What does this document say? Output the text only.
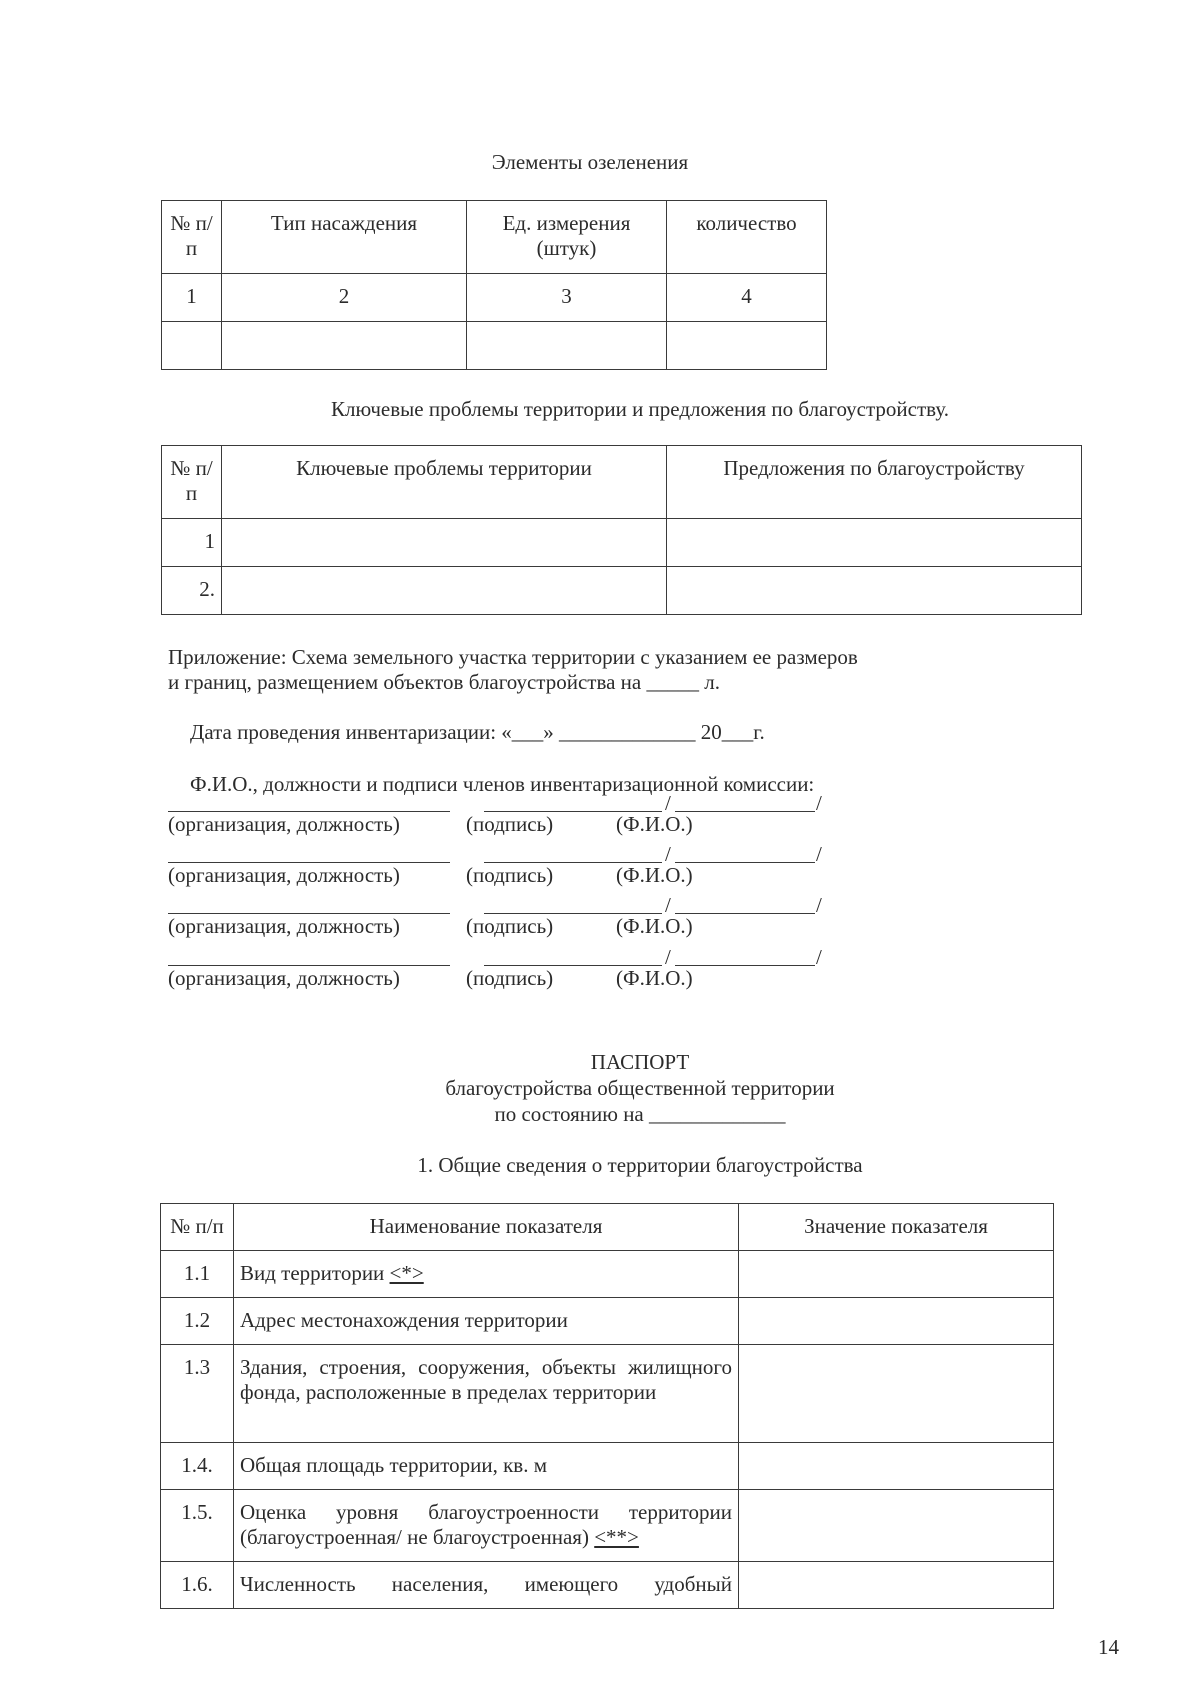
Элементы озеленения
№ п/п	Тип насаждения	Ед. измерения (штук)	количество
1	2	3	4

Ключевые проблемы территории и предложения по благоустройству.
№ п/п	Ключевые проблемы территории	Предложения по благоустройству
1		
2.		
Приложение: Схема земельного участка территории с указанием ее размеров
и границ, размещением объектов благоустройства на _____ л.
Дата проведения инвентаризации: «___» _____________ 20___г.
Ф.И.О., должности и подписи членов инвентаризационной комиссии:
/	/
(организация, должность)	(подпись)	(Ф.И.О.)
/	/
(организация, должность)	(подпись)	(Ф.И.О.)
/	/
(организация, должность)	(подпись)	(Ф.И.О.)
/	/
(организация, должность)	(подпись)	(Ф.И.О.)
ПАСПОРТ
благоустройства общественной территории
по состоянию на _____________
1. Общие сведения о территории благоустройства
№ п/п	Наименование показателя	Значение показателя
1.1	Вид территории <*>	
1.2	Адрес местонахождения территории	
1.3	Здания, строения, сооружения, объекты жилищного фонда, расположенные в пределах территории	
1.4.	Общая площадь территории, кв. м	
1.5.	Оценка уровня благоустроенности территории (благоустроенная/ не благоустроенная) <**>	
1.6.	Численность населения, имеющего удобный	
14
